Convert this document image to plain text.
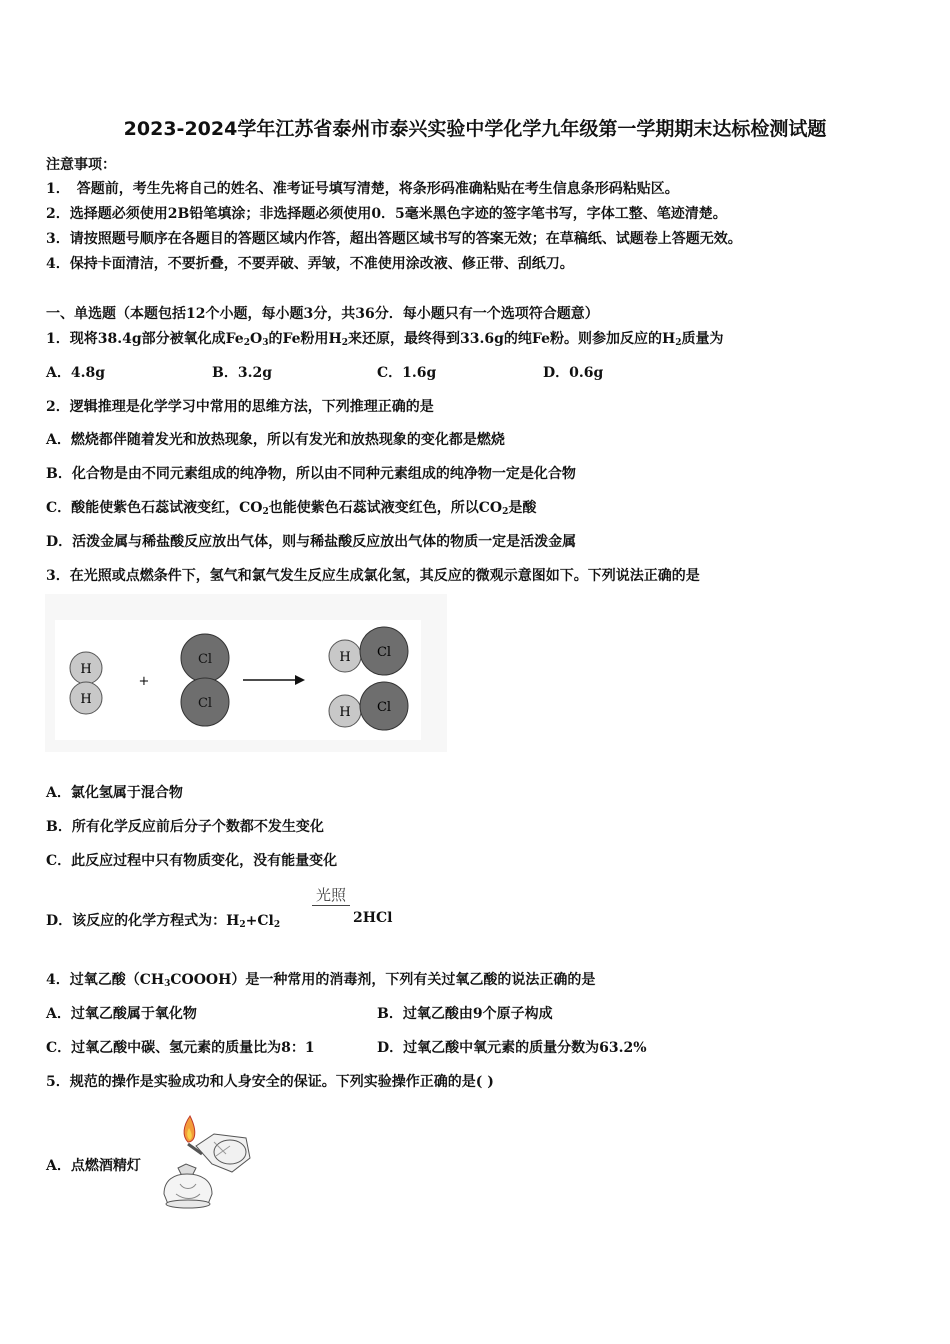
2023-2024学年江苏省泰州市泰兴实验中学化学九年级第一学期期末达标检测试题
注意事项：
1．　答题前，考生先将自己的姓名、准考证号填写清楚，将条形码准确粘贴在考生信息条形码粘贴区。
2．选择题必须使用2B铅笔填涂；非选择题必须使用0．5毫米黑色字迹的签字笔书写，字体工整、笔迹清楚。
3．请按照题号顺序在各题目的答题区域内作答，超出答题区域书写的答案无效；在草稿纸、试题卷上答题无效。
4．保持卡面清洁，不要折叠，不要弄破、弄皱，不准使用涂改液、修正带、刮纸刀。
一、单选题（本题包括12个小题，每小题3分，共36分．每小题只有一个选项符合题意）
1．现将38.4g部分被氧化成$Fe_2O_3$的Fe粉用$H_2$来还原，最终得到33.6g的纯Fe粉。则参加反应的$H_2$质量为
A．4.8g	B．3.2g	C．1.6g	D．0.6g
2．逻辑推理是化学学习中常用的思维方法，下列推理正确的是
A．燃烧都伴随着发光和放热现象，所以有发光和放热现象的变化都是燃烧
B．化合物是由不同元素组成的纯净物，所以由不同种元素组成的纯净物一定是化合物
C．酸能使紫色石蕊试液变红，$CO_2$也能使紫色石蕊试液变红色，所以$CO_2$是酸
D．活泼金属与稀盐酸反应放出气体，则与稀盐酸反应放出气体的物质一定是活泼金属
3．在光照或点燃条件下，氢气和氯气发生反应生成氯化氢，其反应的微观示意图如下。下列说法正确的是
H
H
+
Cl
Cl
H Cl
H Cl
A．氯化氢属于混合物
B．所有化学反应前后分子个数都不发生变化
C．此反应过程中只有物质变化，没有能量变化
D．该反应的化学方程式为：$H_2+Cl_2$
光照
2HCl
4．过氧乙酸$(CH_3COOOH)$是一种常用的消毒剂，下列有关过氧乙酸的说法正确的是
A．过氧乙酸属于氧化物	B．过氧乙酸由9个原子构成
C．过氧乙酸中碳、氢元素的质量比为8：1	D．过氧乙酸中氧元素的质量分数为63.2%
5．规范的操作是实验成功和人身安全的保证。下列实验操作正确的是( )
A．点燃酒精灯
